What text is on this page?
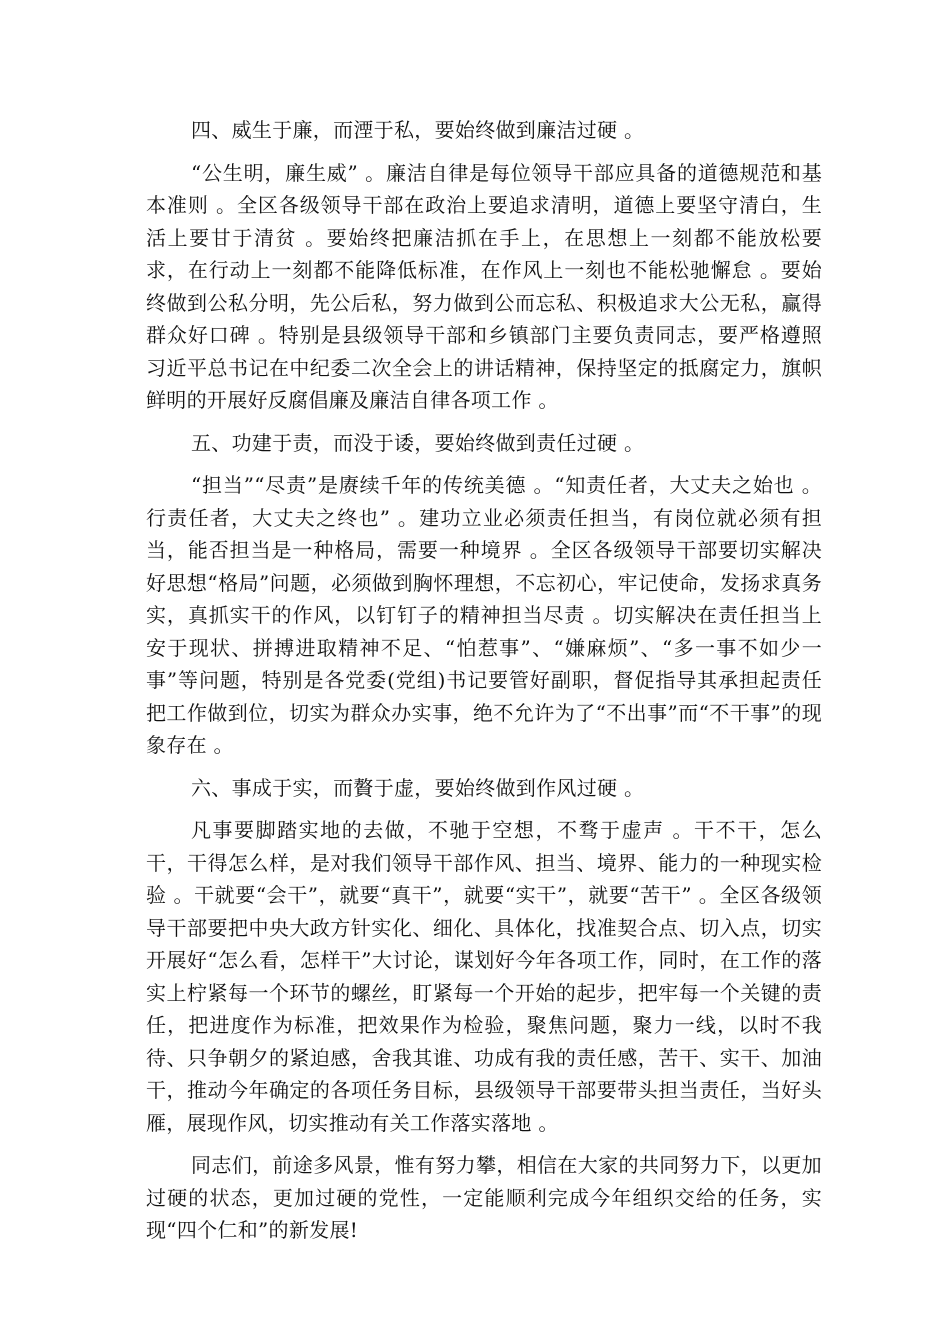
四、威生于廉，而湮于私，要始终做到廉洁过硬 。

“公生明，廉生威” 。廉洁自律是每位领导干部应具备的道德规范和基本准则 。全区各级领导干部在政治上要追求清明，道德上要坚守清白，生活上要甘于清贫 。要始终把廉洁抓在手上，在思想上一刻都不能放松要求，在行动上一刻都不能降低标准，在作风上一刻也不能松驰懈怠 。要始终做到公私分明，先公后私，努力做到公而忘私、积极追求大公无私，赢得群众好口碑 。特别是县级领导干部和乡镇部门主要负责同志，要严格遵照习近平总书记在中纪委二次全会上的讲话精神，保持坚定的抵腐定力，旗帜鲜明的开展好反腐倡廉及廉洁自律各项工作 。

五、功建于责，而没于诿，要始终做到责任过硬 。

“担当”“尽责”是赓续千年的传统美德 。“知责任者，大丈夫之始也 。行责任者，大丈夫之终也” 。建功立业必须责任担当，有岗位就必须有担当，能否担当是一种格局，需要一种境界 。全区各级领导干部要切实解决好思想“格局”问题，必须做到胸怀理想，不忘初心，牢记使命，发扬求真务实，真抓实干的作风，以钉钉子的精神担当尽责 。切实解决在责任担当上安于现状、拼搏进取精神不足、“怕惹事”、“嫌麻烦”、“多一事不如少一事”等问题，特别是各党委(党组)书记要管好副职，督促指导其承担起责任把工作做到位，切实为群众办实事，绝不允许为了“不出事”而“不干事”的现象存在 。

六、事成于实，而贅于虚，要始终做到作风过硬 。

凡事要脚踏实地的去做，不驰于空想，不骛于虚声 。干不干，怎么干，干得怎么样，是对我们领导干部作风、担当、境界、能力的一种现实检验 。干就要“会干”，就要“真干”，就要“实干”，就要“苦干” 。全区各级领导干部要把中央大政方针实化、细化、具体化，找准契合点、切入点，切实开展好“怎么看，怎样干”大讨论，谋划好今年各项工作，同时，在工作的落实上柠紧每一个环节的螺丝，盯紧每一个开始的起步，把牢每一个关键的责任，把进度作为标准，把效果作为检验，聚焦问题，聚力一线，以时不我待、只争朝夕的紧迫感，舍我其谁、功成有我的责任感，苦干、实干、加油干，推动今年确定的各项任务目标，县级领导干部要带头担当责任，当好头雁，展现作风，切实推动有关工作落实落地 。

同志们，前途多风景，惟有努力攀，相信在大家的共同努力下，以更加过硬的状态，更加过硬的党性，一定能顺利完成今年组织交给的任务，实现“四个仁和”的新发展!
